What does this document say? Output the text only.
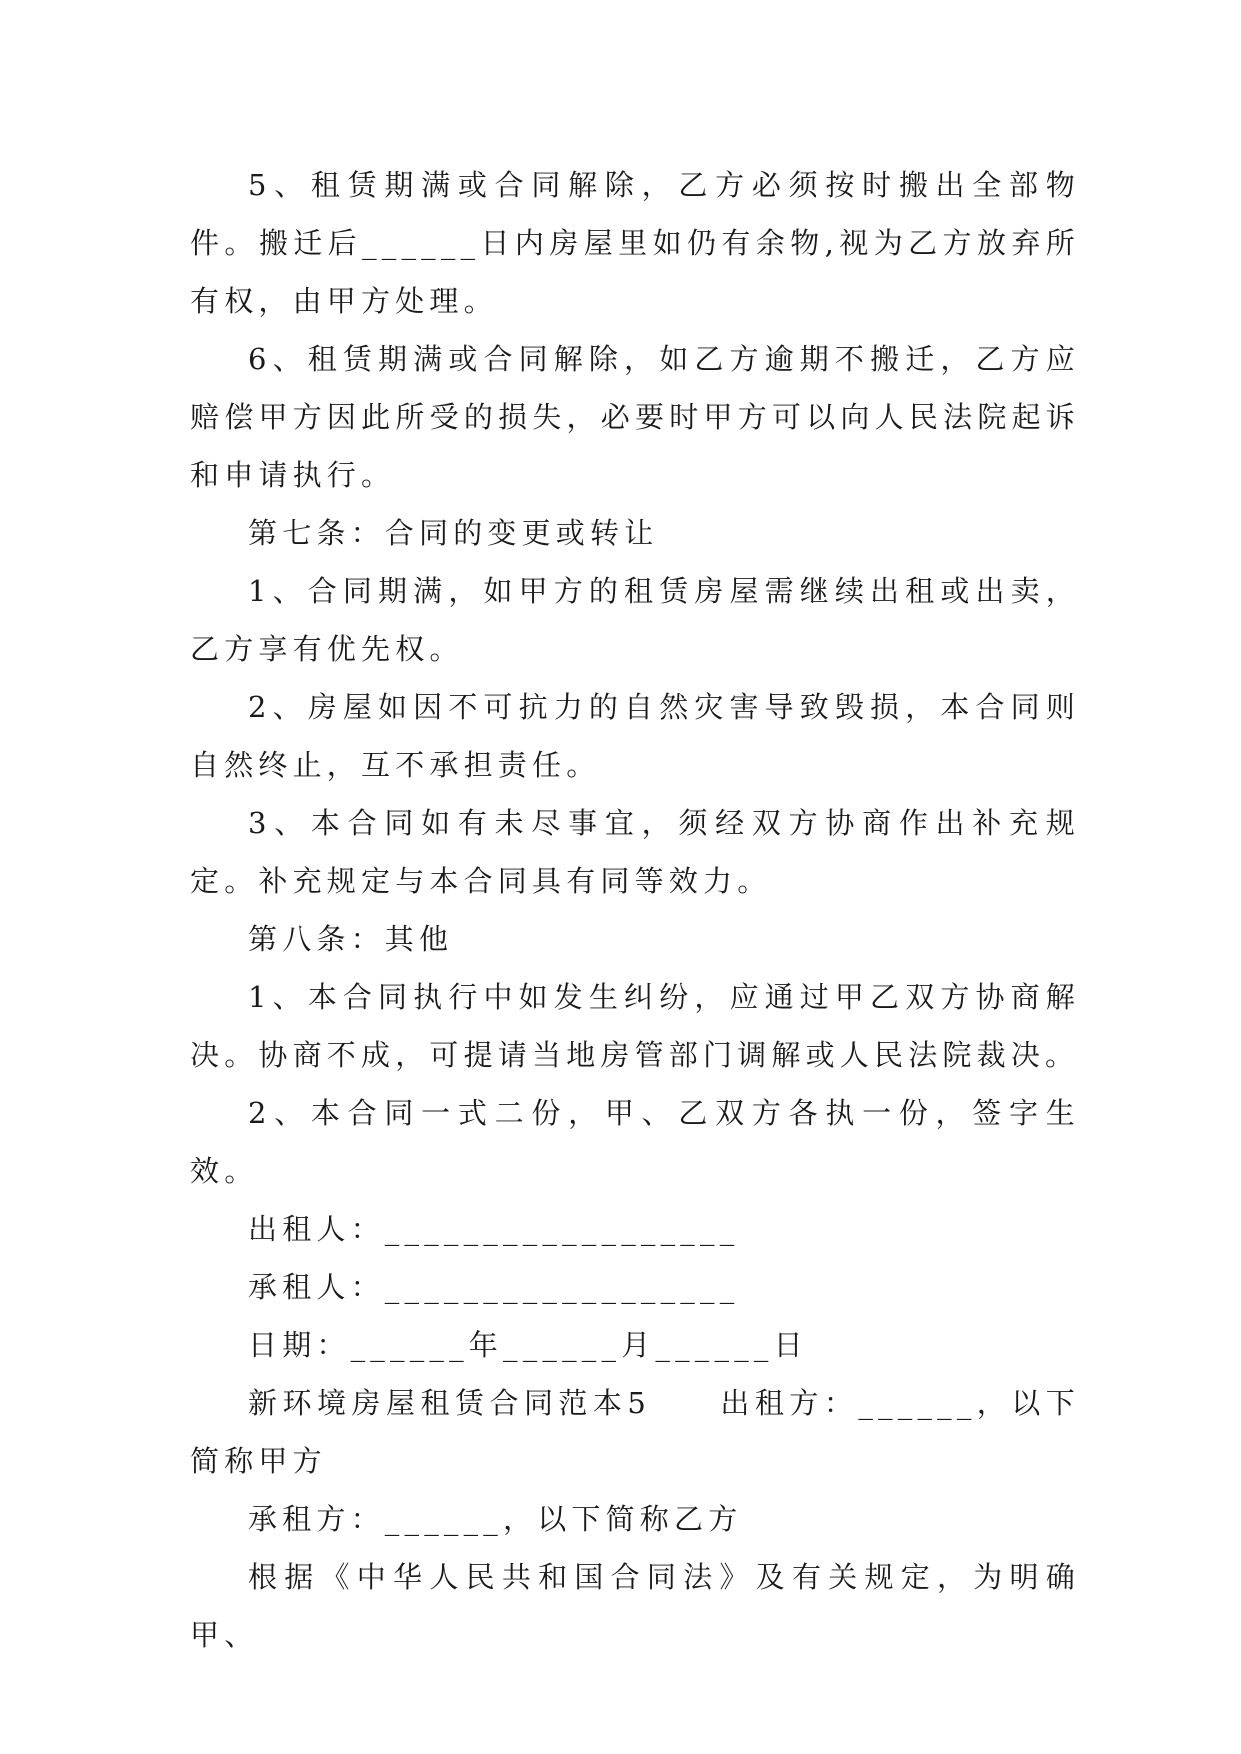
5、租赁期满或合同解除，乙方必须按时搬出全部物件。搬迁后______日内房屋里如仍有余物,视为乙方放弃所有权，由甲方处理。

6、租赁期满或合同解除，如乙方逾期不搬迁，乙方应赔偿甲方因此所受的损失，必要时甲方可以向人民法院起诉和申请执行。

第七条：合同的变更或转让

1、合同期满，如甲方的租赁房屋需继续出租或出卖，乙方享有优先权。

2、房屋如因不可抗力的自然灾害导致毁损，本合同则自然终止，互不承担责任。

3、本合同如有未尽事宜，须经双方协商作出补充规定。补充规定与本合同具有同等效力。

第八条：其他

1、本合同执行中如发生纠纷，应通过甲乙双方协商解决。协商不成，可提请当地房管部门调解或人民法院裁决。

2、本合同一式二份，甲、乙双方各执一份，签字生效。

出租人：__________________

承租人：__________________

日期：______年______月______日

新环境房屋租赁合同范本5　　出租方：______，以下简称甲方

承租方：______，以下简称乙方

根据《中华人民共和国合同法》及有关规定，为明确甲、
